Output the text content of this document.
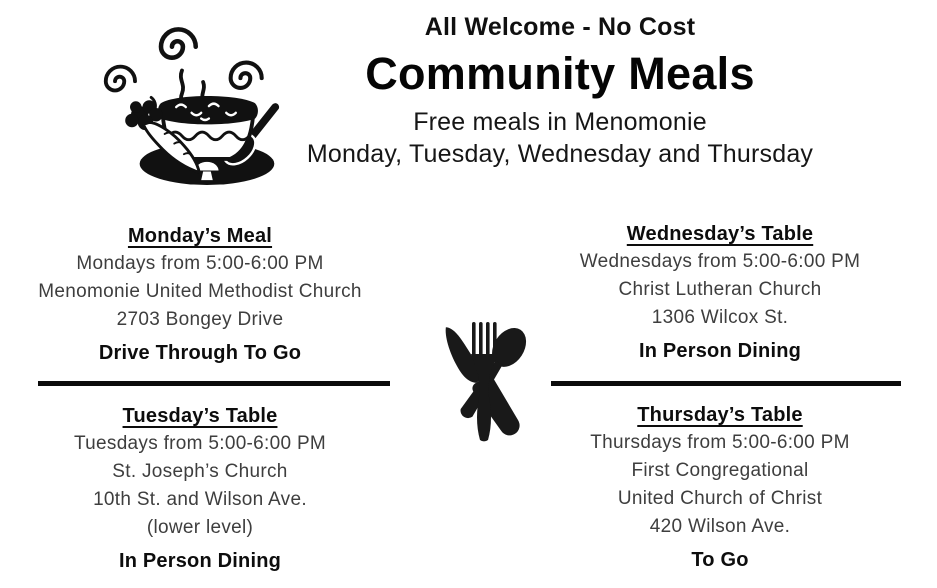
All Welcome - No Cost
Community Meals
Free meals in Menomonie
Monday, Tuesday, Wednesday and Thursday
Monday’s Meal

Mondays from 5:00-6:00 PM

Menomonie United Methodist Church

2703 Bongey Drive

Drive Through To Go

Wednesday’s Table

Wednesdays from 5:00-6:00 PM

Christ Lutheran Church

1306 Wilcox St.

In Person Dining

Tuesday’s Table

Tuesdays from 5:00-6:00 PM

St. Joseph’s Church

10th St. and Wilson Ave.

(lower level)

In Person Dining

Thursday’s Table

Thursdays from 5:00-6:00 PM

First Congregational

United Church of Christ

420 Wilson Ave.

To Go
